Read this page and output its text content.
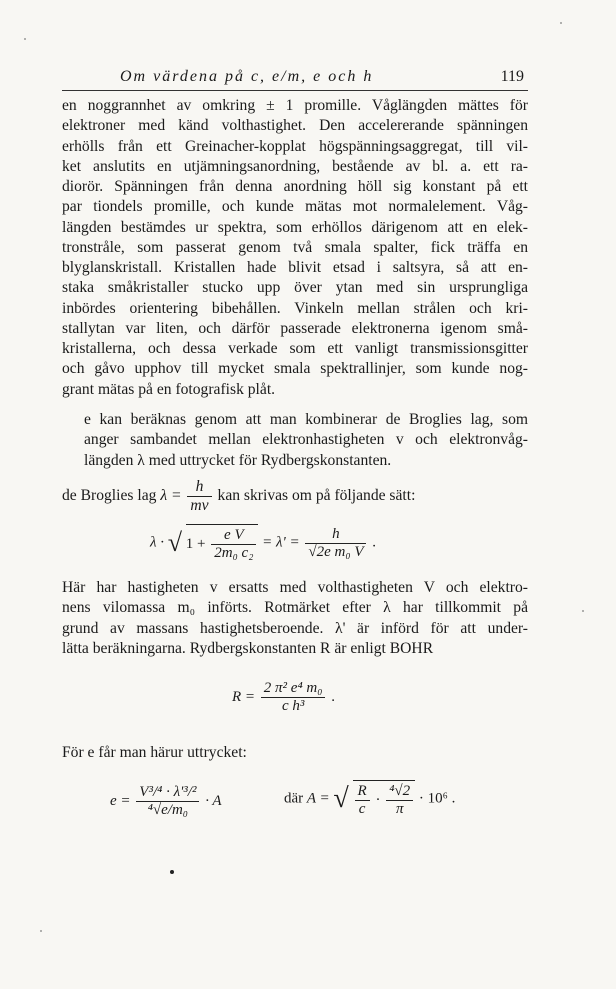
Om värdena på c, e/m, e och h	119
en noggrannhet av omkring ± 1 promille. Våglängden mättes för
elektroner med känd volthastighet. Den accelererande spänningen
erhölls från ett Greinacher-kopplat högspänningsaggregat, till vil-
ket anslutits en utjämningsanordning, bestående av bl. a. ett ra-
diorör. Spänningen från denna anordning höll sig konstant på ett
par tiondels promille, och kunde mätas mot normalelement. Våg-
längden bestämdes ur spektra, som erhöllos därigenom att en elek-
tronstråle, som passerat genom två smala spalter, fick träffa en
blyglanskristall. Kristallen hade blivit etsad i saltsyra, så att en-
staka småkristaller stucko upp över ytan med sin ursprungliga
inbördes orientering bibehållen. Vinkeln mellan strålen och kri-
stallytan var liten, och därför passerade elektronerna igenom små-
kristallerna, och dessa verkade som ett vanligt transmissionsgitter
och gåvo upphov till mycket smala spektrallinjer, som kunde nog-
grant mätas på en fotografisk plåt.
e kan beräknas genom att man kombinerar de Broglies lag, som
anger sambandet mellan elektronhastigheten v och elektronvåg-
längden λ med uttrycket för Rydbergskonstanten.
de Broglies lag $\lambda = \frac{h}{mv}$ kan skrivas om på följande sätt:
λ · √ $1 + \frac{\text{e V}}{\text{2m₀ c₂}} = \lambda' = \frac{h}{\text{√2e m₀ V}}$ .
Här har hastigheten v ersatts med volthastigheten V och elektro-
nens vilomassa m₀ införts. Rotmärket efter λ har tillkommit på
grund av massans hastighetsberoende. λ' är införd för att under-
lätta beräkningarna. Rydbergskonstanten R är enligt BOHR
$R = \frac{\text{2 π² e⁴ m₀}}{\text{c h³}}$ .
För e får man härur uttrycket:
$e = \frac{\text{V³/⁴ · λ'³/²}}{\text{⁴√e/m₀}} \cdot A$	där A = √ $\frac{R}{c} \cdot \frac{\text{⁴√2}}{\pi} \cdot 10^6$ .
